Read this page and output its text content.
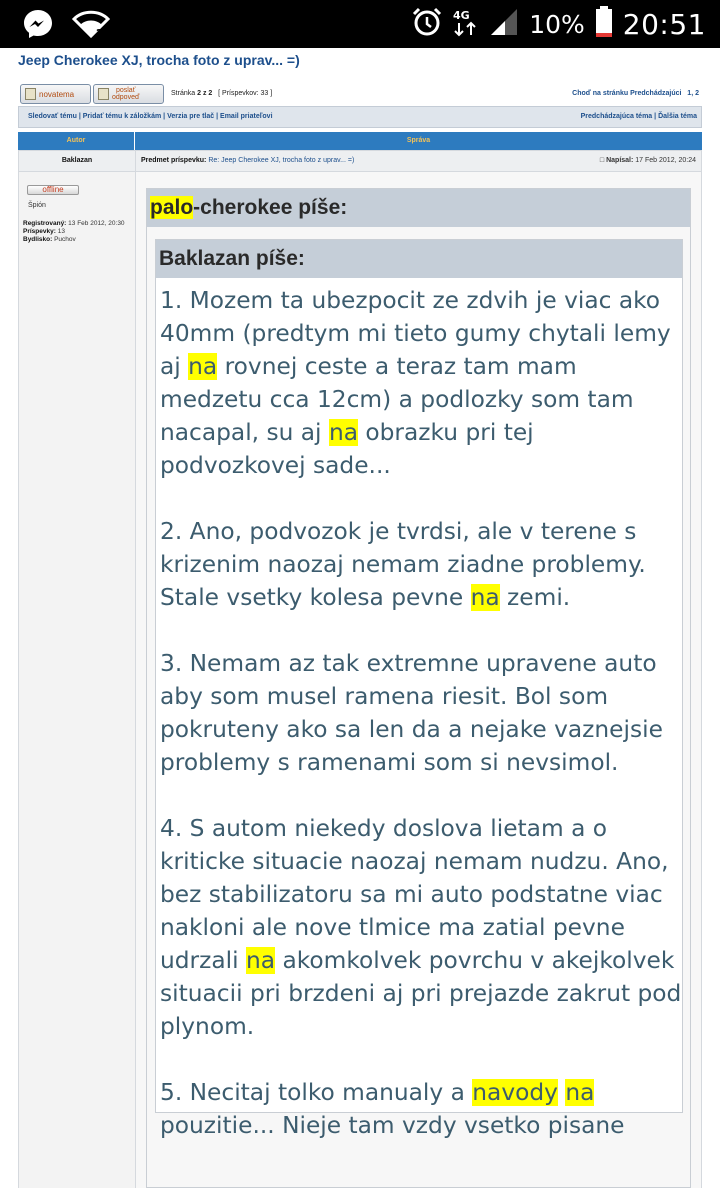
?
4G 10% 20:51
Jeep Cherokee XJ, trocha foto z uprav... =)
novatema	poslať
odpoveď
Stránka 2 z 2 [ Príspevkov: 33 ]	Choď na stránku Predchádzajúci 1, 2
Sledovať tému | Pridať tému k záložkám | Verzia pre tlač | Email priateľovi	Predchádzajúca téma | Ďalšia téma
Autor	Správa
Baklazan	Predmet príspevku: Re: Jeep Cherokee XJ, trocha foto z uprav... =)	□ Napísal: 17 Feb 2012, 20:24
offline
Špión
Registrovaný: 13 Feb 2012, 20:30
Príspevky: 13
Bydlisko: Puchov
palo-cherokee píše:
Baklazan píše:

1. Mozem ta ubezpocit ze zdvih je viac ako 40mm (predtym mi tieto gumy chytali lemy aj na rovnej ceste a teraz tam mam medzetu cca 12cm) a podlozky som tam nacapal, su aj na obrazku pri tej podvozkovej sade...

2. Ano, podvozok je tvrdsi, ale v terene s krizenim naozaj nemam ziadne problemy. Stale vsetky kolesa pevne na zemi.

3. Nemam az tak extremne upravene auto aby som musel ramena riesit. Bol som pokruteny ako sa len da a nejake vaznejsie problemy s ramenami som si nevsimol.

4. S autom niekedy doslova lietam a o kriticke situacie naozaj nemam nudzu. Ano, bez stabilizatoru sa mi auto podstatne viac nakloni ale nove tlmice ma zatial pevne udrzali na akomkolvek povrchu v akejkolvek situacii pri brzdeni aj pri prejazde zakrut pod plynom.

5. Necitaj tolko manualy a navody na pouzitie... Nieje tam vzdy vsetko pisane
